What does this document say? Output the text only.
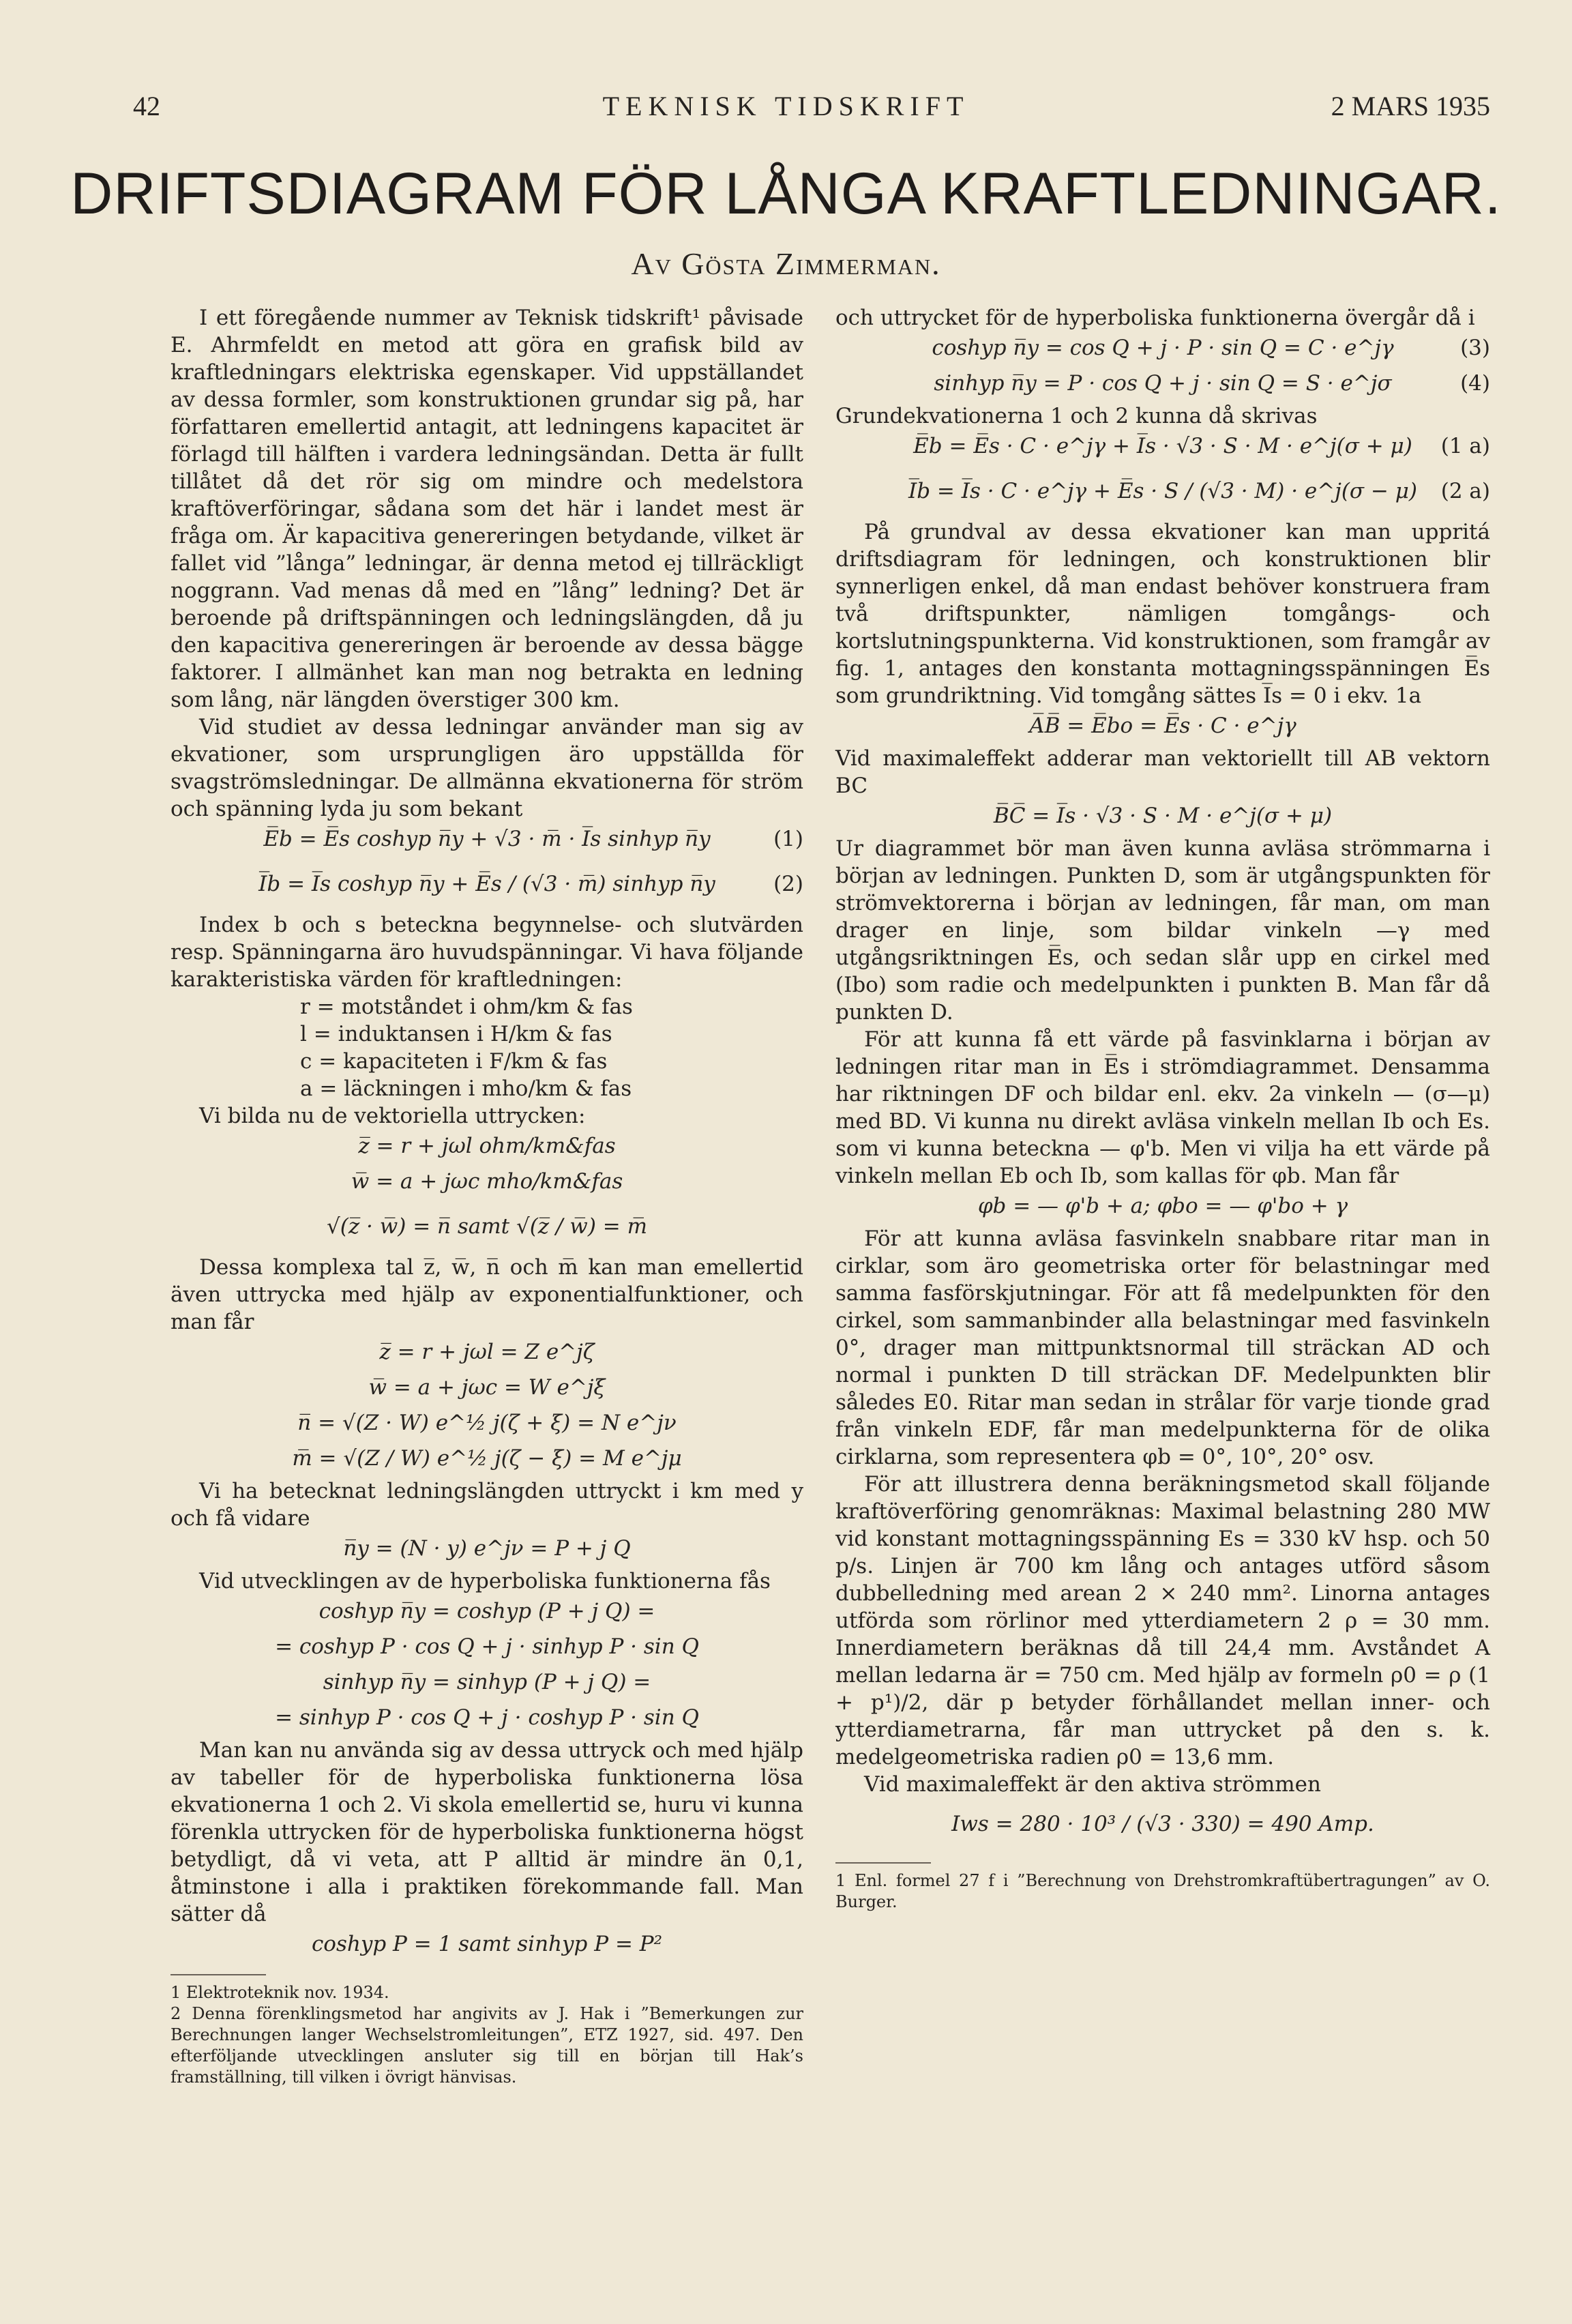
42	TEKNISK TIDSKRIFT	2 MARS 1935
DRIFTSDIAGRAM FÖR LÅNGA KRAFTLEDNINGAR.
Av Gösta Zimmerman.

I ett föregående nummer av Teknisk tidskrift¹ påvisade E. Ahrmfeldt en metod att göra en grafisk bild av kraftledningars elektriska egenskaper. Vid uppställandet av dessa formler, som konstruktionen grundar sig på, har författaren emellertid antagit, att ledningens kapacitet är förlagd till hälften i vardera ledningsändan. Detta är fullt tillåtet då det rör sig om mindre och medelstora kraftöverföringar, sådana som det här i landet mest är fråga om. Är kapacitiva genereringen betydande, vilket är fallet vid ”långa” ledningar, är denna metod ej tillräckligt noggrann. Vad menas då med en ”lång” ledning? Det är beroende på driftspänningen och ledningslängden, då ju den kapacitiva genereringen är beroende av dessa bägge faktorer. I allmänhet kan man nog betrakta en ledning som lång, när längden överstiger 300 km.

Vid studiet av dessa ledningar använder man sig av ekvationer, som ursprungligen äro uppställda för svagströmsledningar. De allmänna ekvationerna för ström och spänning lyda ju som bekant

E̅b = E̅s coshyp n̅y + √3 · m̅ · I̅s sinhyp n̅y	(1)
I̅b = I̅s coshyp n̅y + E̅s / (√3 · m̅) sinhyp n̅y	(2)

Index b och s beteckna begynnelse- och slutvärden resp. Spänningarna äro huvudspänningar. Vi hava följande karakteristiska värden för kraftledningen:

r = motståndet i ohm/km & fas

l = induktansen i H/km & fas

c = kapaciteten i F/km & fas

a = läckningen i mho/km & fas

Vi bilda nu de vektoriella uttrycken:

z̅ = r + jωl ohm/km&fas
w̅ = a + jωc mho/km&fas
√(z̅ · w̅) = n̅ samt √(z̅ / w̅) = m̅

Dessa komplexa tal z̅, w̅, n̅ och m̅ kan man emellertid även uttrycka med hjälp av exponentialfunktioner, och man får

z̅ = r + jωl = Z e^jζ
w̅ = a + jωc = W e^jξ
n̅ = √(Z · W) e^½ j(ζ + ξ) = N e^jν
m̅ = √(Z / W) e^½ j(ζ − ξ) = M e^jμ

Vi ha betecknat ledningslängden uttryckt i km med y och få vidare

n̅y = (N · y) e^jν = P + j Q

Vid utvecklingen av de hyperboliska funktionerna fås

coshyp n̅y = coshyp (P + j Q) =
= coshyp P · cos Q + j · sinhyp P · sin Q
sinhyp n̅y = sinhyp (P + j Q) =
= sinhyp P · cos Q + j · coshyp P · sin Q

Man kan nu använda sig av dessa uttryck och med hjälp av tabeller för de hyperboliska funktionerna lösa ekvationerna 1 och 2. Vi skola emellertid se, huru vi kunna förenkla uttrycken för de hyperboliska funktionerna högst betydligt, då vi veta, att P alltid är mindre än 0,1, åtminstone i alla i praktiken förekommande fall. Man sätter då

coshyp P = 1 samt sinhyp P = P²

1 Elektroteknik nov. 1934.

2 Denna förenklingsmetod har angivits av J. Hak i ”Bemerkungen zur Berechnungen langer Wechselstromleitungen”, ETZ 1927, sid. 497. Den efterföljande utvecklingen ansluter sig till en början till Hak’s framställning, till vilken i övrigt hänvisas.

och uttrycket för de hyperboliska funktionerna övergår då i

coshyp n̅y = cos Q + j · P · sin Q = C · e^jγ	(3)
sinhyp n̅y = P · cos Q + j · sin Q = S · e^jσ	(4)

Grundekvationerna 1 och 2 kunna då skrivas

E̅b = E̅s · C · e^jγ + I̅s · √3 · S · M · e^j(σ + μ)	(1 a)
I̅b = I̅s · C · e^jγ + E̅s · S / (√3 · M) · e^j(σ − μ)	(2 a)

På grundval av dessa ekvationer kan man uppritá driftsdiagram för ledningen, och konstruktionen blir synnerligen enkel, då man endast behöver konstruera fram två driftspunkter, nämligen tomgångs- och kortslutningspunkterna. Vid konstruktionen, som framgår av fig. 1, antages den konstanta mottagningsspänningen E̅s som grundriktning. Vid tomgång sättes I̅s = 0 i ekv. 1a

A̅B̅ = E̅bo = E̅s · C · e^jγ

Vid maximaleffekt adderar man vektoriellt till AB vektorn BC

B̅C̅ = I̅s · √3 · S · M · e^j(σ + μ)

Ur diagrammet bör man även kunna avläsa strömmarna i början av ledningen. Punkten D, som är utgångspunkten för strömvektorerna i början av ledningen, får man, om man drager en linje, som bildar vinkeln —γ med utgångsriktningen E̅s, och sedan slår upp en cirkel med (Ibo) som radie och medelpunkten i punkten B. Man får då punkten D.

För att kunna få ett värde på fasvinklarna i början av ledningen ritar man in E̅s i strömdiagrammet. Densamma har riktningen DF och bildar enl. ekv. 2a vinkeln — (σ—μ) med BD. Vi kunna nu direkt avläsa vinkeln mellan Ib och Es. som vi kunna beteckna — φ'b. Men vi vilja ha ett värde på vinkeln mellan Eb och Ib, som kallas för φb. Man får

φb = — φ'b + a; φbo = — φ'bo + γ

För att kunna avläsa fasvinkeln snabbare ritar man in cirklar, som äro geometriska orter för belastningar med samma fasförskjutningar. För att få medelpunkten för den cirkel, som sammanbinder alla belastningar med fasvinkeln 0°, drager man mittpunktsnormal till sträckan AD och normal i punkten D till sträckan DF. Medelpunkten blir således E0. Ritar man sedan in strålar för varje tionde grad från vinkeln EDF, får man medelpunkterna för de olika cirklarna, som representera φb = 0°, 10°, 20° osv.

För att illustrera denna beräkningsmetod skall följande kraftöverföring genomräknas: Maximal belastning 280 MW vid konstant mottagningsspänning Es = 330 kV hsp. och 50 p/s. Linjen är 700 km lång och antages utförd såsom dubbelledning med arean 2 × 240 mm². Linorna antages utförda som rörlinor med ytterdiametern 2 ρ = 30 mm. Innerdiametern beräknas då till 24,4 mm. Avståndet A mellan ledarna är = 750 cm. Med hjälp av formeln ρ0 = ρ (1 + p¹)/2, där p betyder förhållandet mellan inner- och ytterdiametrarna, får man uttrycket på den s. k. medelgeometriska radien ρ0 = 13,6 mm.

Vid maximaleffekt är den aktiva strömmen

Iws = 280 · 10³ / (√3 · 330) = 490 Amp.

1 Enl. formel 27 f i ”Berechnung von Drehstromkraftübertragungen” av O. Burger.
